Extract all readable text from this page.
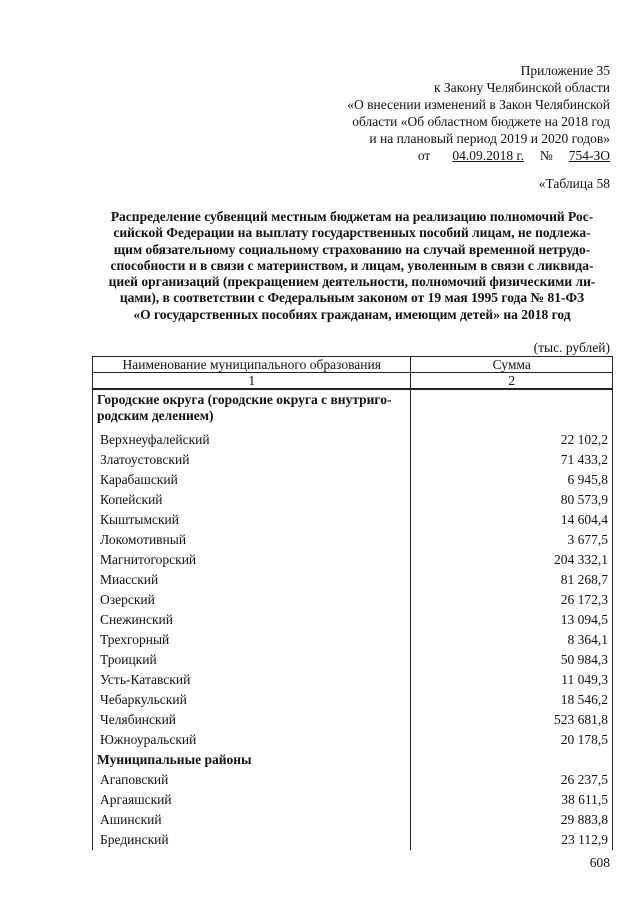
Приложение 35
к Закону Челябинской области
«О внесении изменений в Закон Челябинской
области «Об областном бюджете на 2018 год
и на плановый период 2019 и 2020 годов»
от 04.09.2018 г. № 754-ЗО
«Таблица 58
Распределение субвенций местным бюджетам на реализацию полномочий Рос-
сийской Федерации на выплату государственных пособий лицам, не подлежа-
щим обязательному социальному страхованию на случай временной нетрудо-
способности и в связи с материнством, и лицам, уволенным в связи с ликвида-
цией организаций (прекращением деятельности, полномочий физическими ли-
цами), в соответствии с Федеральным законом от 19 мая 1995 года № 81-ФЗ
«О государственных пособиях гражданам, имеющим детей» на 2018 год
(тыс. рублей)
Наименование муниципального образования	Сумма
1	2

Городские округа (городские округа с внутриго-
родским делением)	

Верхнеуфалейский	22 102,2
Златоустовский	71 433,2
Карабашский	6 945,8
Копейский	80 573,9
Кыштымский	14 604,4
Локомотивный	3 677,5
Магнитогорский	204 332,1
Миасский	81 268,7
Озерский	26 172,3
Снежинский	13 094,5
Трехгорный	8 364,1
Троицкий	50 984,3
Усть-Катавский	11 049,3
Чебаркульский	18 546,2
Челябинский	523 681,8
Южноуральский	20 178,5
Муниципальные районы	
Агаповский	26 237,5
Аргаяшский	38 611,5
Ашинский	29 883,8
Брединский	23 112,9
608
